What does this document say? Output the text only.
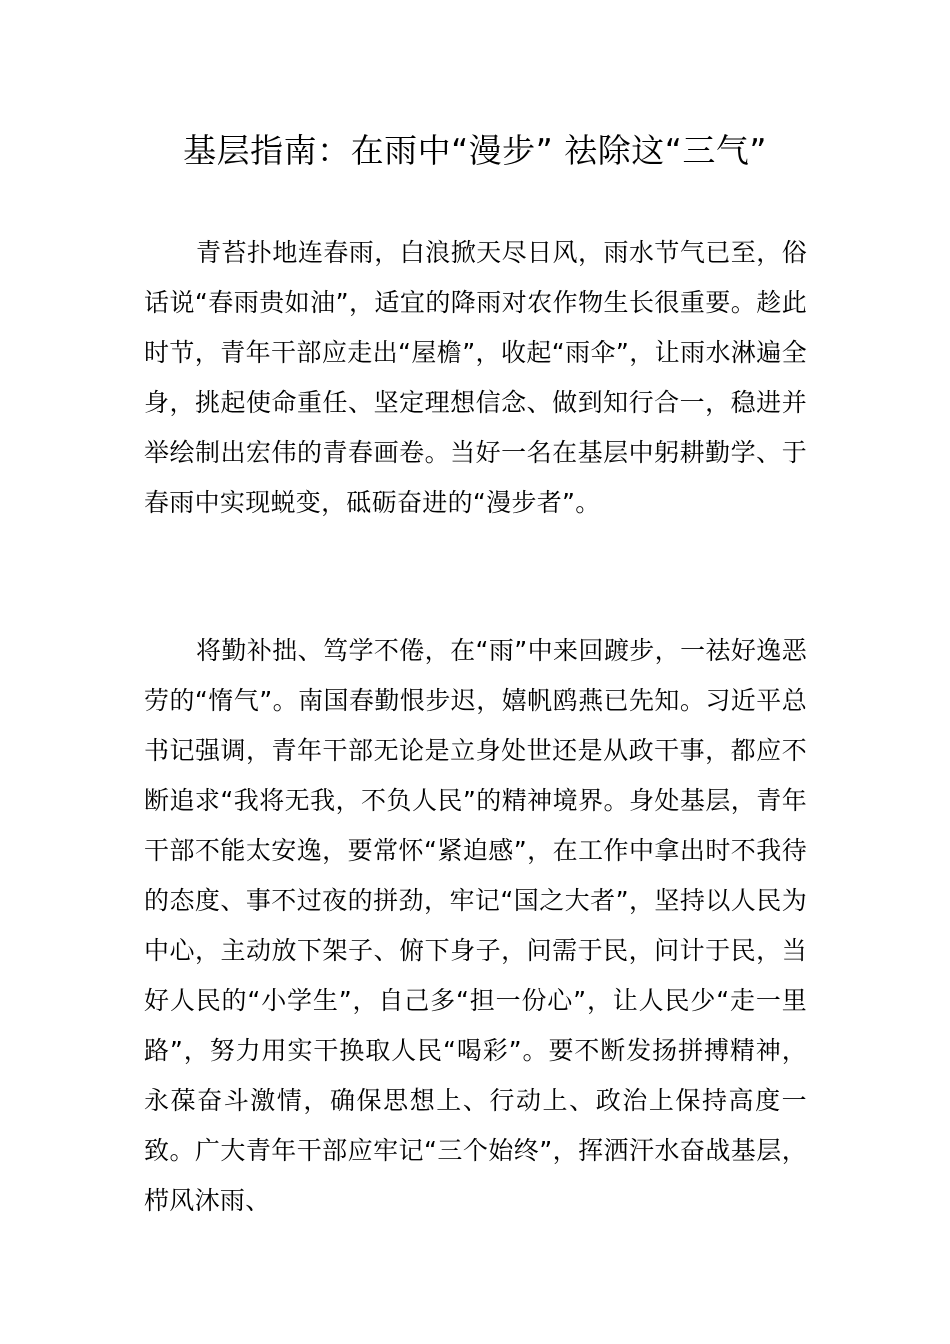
基层指南：在雨中“漫步” 祛除这“三气”

青苔扑地连春雨，白浪掀天尽日风，雨水节气已至，俗话说“春雨贵如油”，适宜的降雨对农作物生长很重要。趁此时节，青年干部应走出“屋檐”，收起“雨伞”，让雨水淋遍全身，挑起使命重任、坚定理想信念、做到知行合一，稳进并举绘制出宏伟的青春画卷。当好一名在基层中躬耕勤学、于春雨中实现蜕变，砥砺奋进的“漫步者”。

将勤补拙、笃学不倦，在“雨”中来回踱步，一祛好逸恶劳的“惰气”。南国春勤恨步迟，嬉帆鸥燕已先知。习近平总书记强调，青年干部无论是立身处世还是从政干事，都应不断追求“我将无我，不负人民”的精神境界。身处基层，青年干部不能太安逸，要常怀“紧迫感”，在工作中拿出时不我待的态度、事不过夜的拼劲，牢记“国之大者”，坚持以人民为中心，主动放下架子、俯下身子，问需于民，问计于民，当好人民的“小学生”，自己多“担一份心”，让人民少“走一里路”，努力用实干换取人民“喝彩”。要不断发扬拼搏精神，永葆奋斗激情，确保思想上、行动上、政治上保持高度一致。广大青年干部应牢记“三个始终”，挥洒汗水奋战基层，栉风沐雨、
